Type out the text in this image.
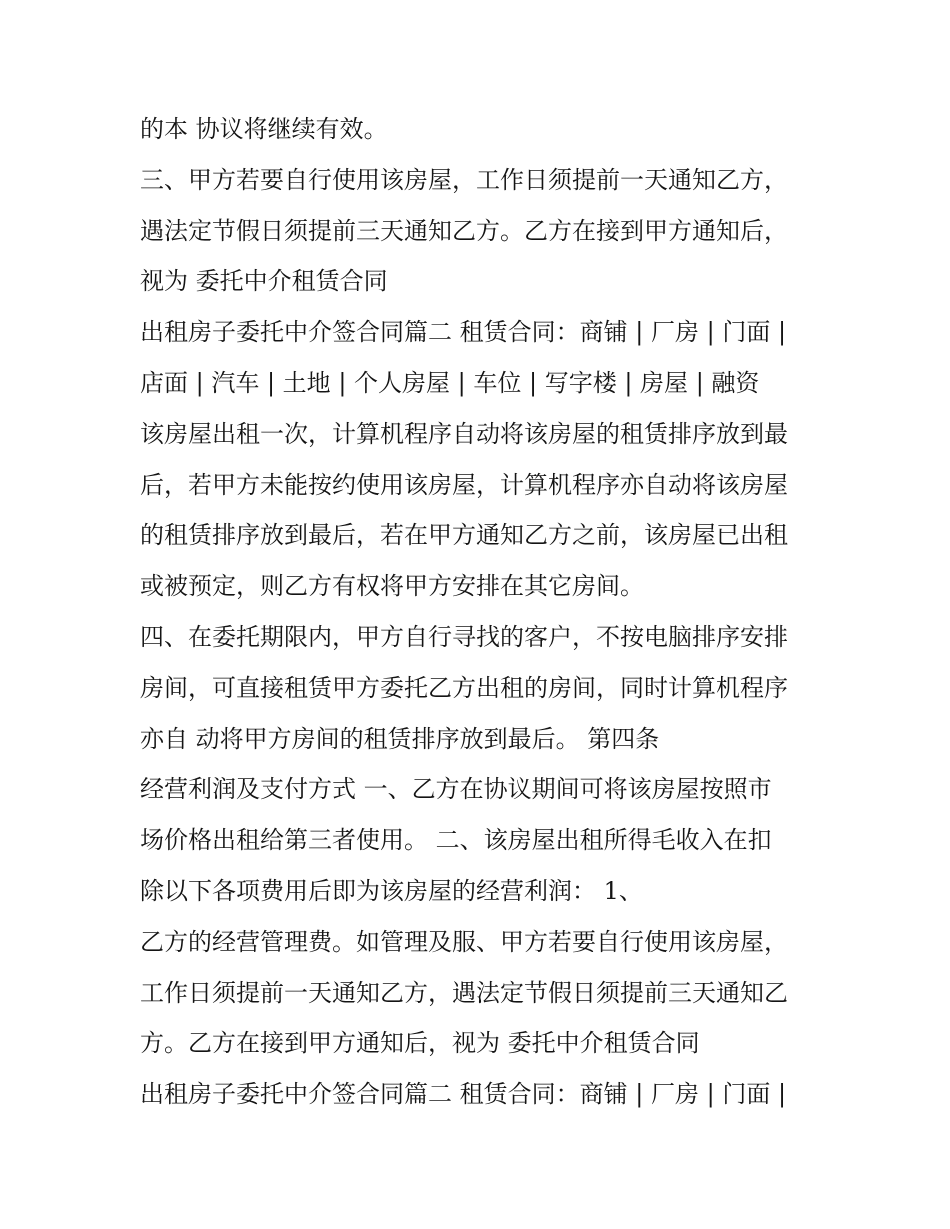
的本 协议将继续有效。
三、甲方若要自行使用该房屋，工作日须提前一天通知乙方，
遇法定节假日须提前三天通知乙方。乙方在接到甲方通知后，
视为 委托中介租赁合同
出租房子委托中介签合同篇二 租赁合同：商铺 | 厂房 | 门面 |
店面 | 汽车 | 土地 | 个人房屋 | 车位 | 写字楼 | 房屋 | 融资
该房屋出租一次，计算机程序自动将该房屋的租赁排序放到最
后，若甲方未能按约使用该房屋，计算机程序亦自动将该房屋
的租赁排序放到最后，若在甲方通知乙方之前，该房屋已出租
或被预定，则乙方有权将甲方安排在其它房间。
四、在委托期限内，甲方自行寻找的客户，不按电脑排序安排
房间，可直接租赁甲方委托乙方出租的房间，同时计算机程序
亦自 动将甲方房间的租赁排序放到最后。 第四条
经营利润及支付方式 一、乙方在协议期间可将该房屋按照市
场价格出租给第三者使用。 二、该房屋出租所得毛收入在扣
除以下各项费用后即为该房屋的经营利润： 1、
乙方的经营管理费。如管理及服、甲方若要自行使用该房屋，
工作日须提前一天通知乙方，遇法定节假日须提前三天通知乙
方。乙方在接到甲方通知后，视为 委托中介租赁合同
出租房子委托中介签合同篇二 租赁合同：商铺 | 厂房 | 门面 |
